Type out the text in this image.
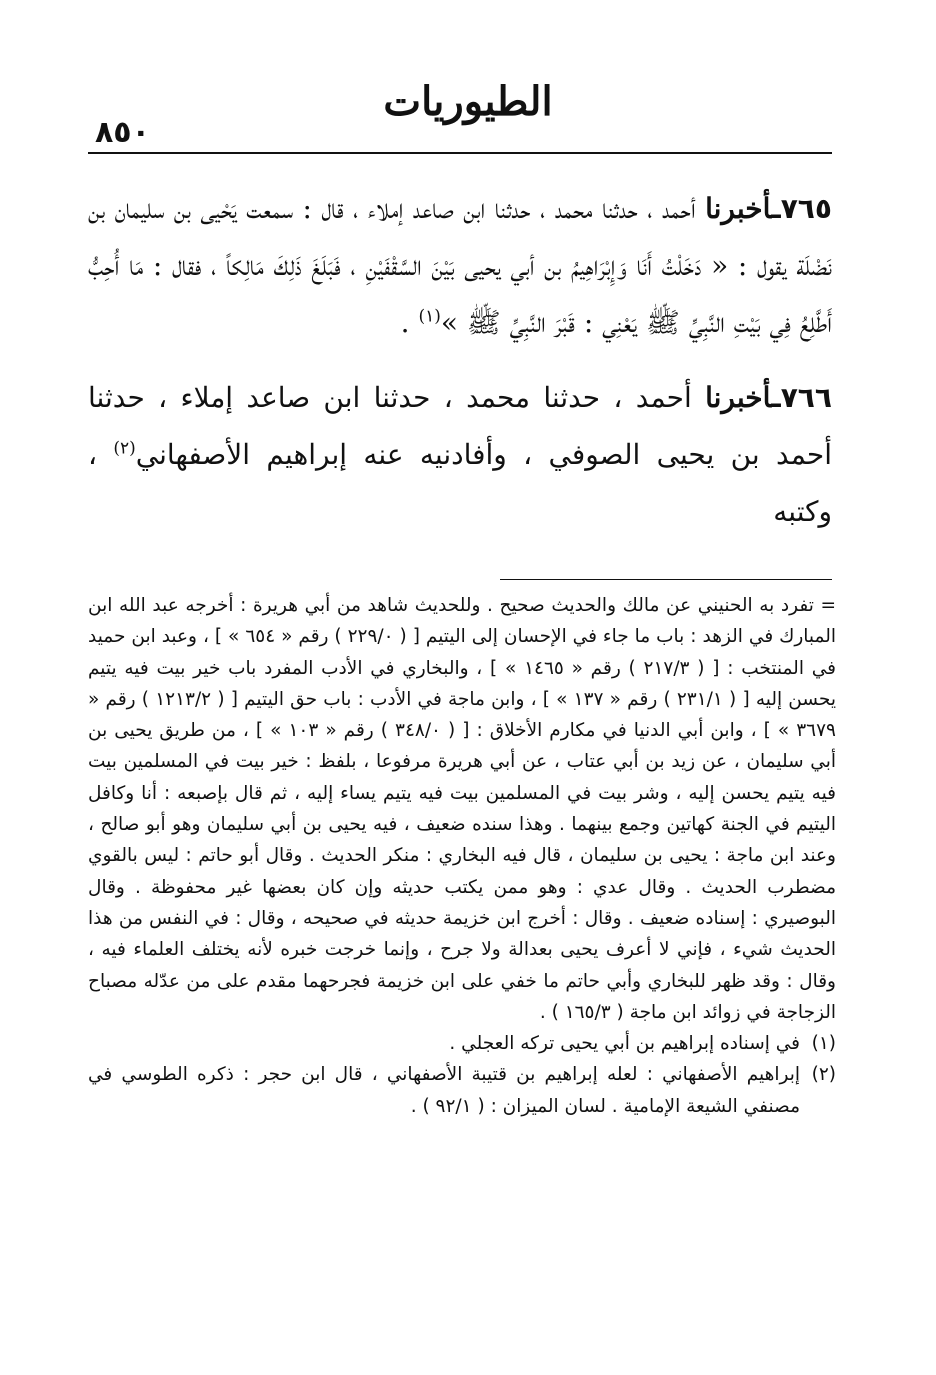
الطيوريات
٨٥٠

٧٦٥ـأخبرنا أحمد ، حدثنا محمد ، حدثنا ابن صاعد إملاء ، قال : سمعت يَحْيى بن سليمان بن نَضْلَة يقول : « دَخَلْتُ أَنَا وَإِبْرَاهِيمُ بن أبي يحيى بَيْنَ السَّقْفَيْنِ ، فَبَلَغَ ذَلِكَ مَالِكاً ، فقال : مَا أُحِبُّ أَطَّلِعُ فِي بَيْتِ النَّبِيِّ ﷺ يَعْنِي : قَبْرَ النَّبِيِّ ﷺ »$^{(١)}$ .

٧٦٦ـأخبرنا أحمد ، حدثنا محمد ، حدثنا ابن صاعد إملاء ، حدثنا أحمد بن يحيى الصوفي ، وأفادنيه عنه إبراهيم الأصفهاني$^{(٢)}$ ، وكتبه

= تفرد به الحنيني عن مالك والحديث صحيح . وللحديث شاهد من أبي هريرة : أخرجه عبد الله ابن المبارك في الزهد : باب ما جاء في الإحسان إلى اليتيم [ ( ٢٢٩/٠ ) رقم « ٦٥٤ » ] ، وعبد ابن حميد في المنتخب : [ ( ٢١٧/٣ ) رقم « ١٤٦٥ » ] ، والبخاري في الأدب المفرد باب خير بيت فيه يتيم يحسن إليه [ ( ٢٣١/١ ) رقم « ١٣٧ » ] ، وابن ماجة في الأدب : باب حق اليتيم [ ( ١٢١٣/٢ ) رقم « ٣٦٧٩ » ] ، وابن أبي الدنيا في مكارم الأخلاق : [ ( ٣٤٨/٠ ) رقم « ١٠٣ » ] ، من طريق يحيى بن أبي سليمان ، عن زيد بن أبي عتاب ، عن أبي هريرة مرفوعا ، بلفظ : خير بيت في المسلمين بيت فيه يتيم يحسن إليه ، وشر بيت في المسلمين بيت فيه يتيم يساء إليه ، ثم قال بإصبعه : أنا وكافل اليتيم في الجنة كهاتين وجمع بينهما . وهذا سنده ضعيف ، فيه يحيى بن أبي سليمان وهو أبو صالح ، وعند ابن ماجة : يحيى بن سليمان ، قال فيه البخاري : منكر الحديث . وقال أبو حاتم : ليس بالقوي مضطرب الحديث . وقال عدي : وهو ممن يكتب حديثه وإن كان بعضها غير محفوظة . وقال البوصيري : إسناده ضعيف . وقال : أخرج ابن خزيمة حديثه في صحيحه ، وقال : في النفس من هذا الحديث شيء ، فإني لا أعرف يحيى بعدالة ولا جرح ، وإنما خرجت خبره لأنه يختلف العلماء فيه ، وقال : وقد ظهر للبخاري وأبي حاتم ما خفي على ابن خزيمة فجرحهما مقدم على من عدّله مصباح الزجاجة في زوائد ابن ماجة ( ١٦٥/٣ ) .

(١)
في إسناده إبراهيم بن أبي يحيى تركه العجلي .
(٢)
إبراهيم الأصفهاني : لعله إبراهيم بن قتيبة الأصفهاني ، قال ابن حجر : ذكره الطوسي في مصنفي الشيعة الإمامية . لسان الميزان : ( ٩٢/١ ) .
